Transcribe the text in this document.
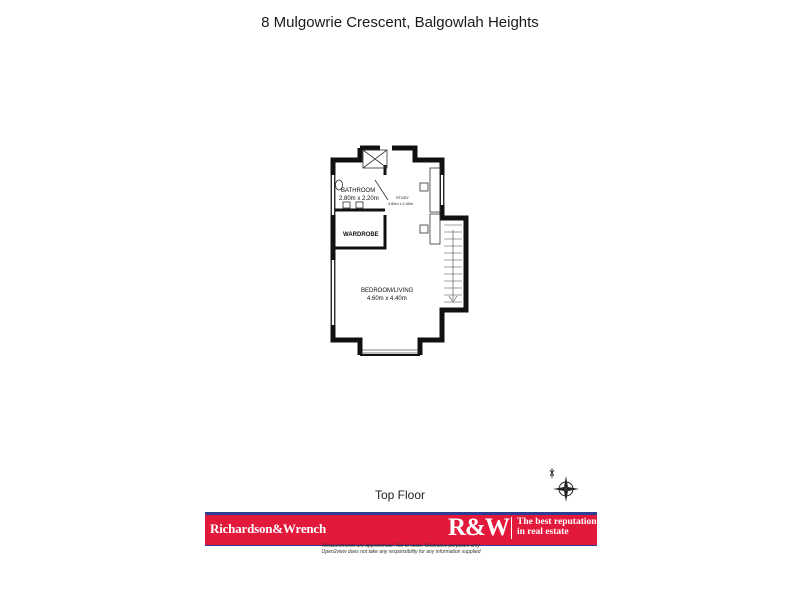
8 Mulgowrie Crescent, Balgowlah Heights
BATHROOM
2.80m x 2.20m	STUDY
4.60m x 2.40m
WARDROBE
BEDROOM/LIVING
4.60m x 4.40m
Top Floor
Richardson&Wrench	R&W The best reputation
in real estate
Measurements are approximate. Not to scale. Illustrative purposes only
Open2view does not take any responsibility for any information supplied
